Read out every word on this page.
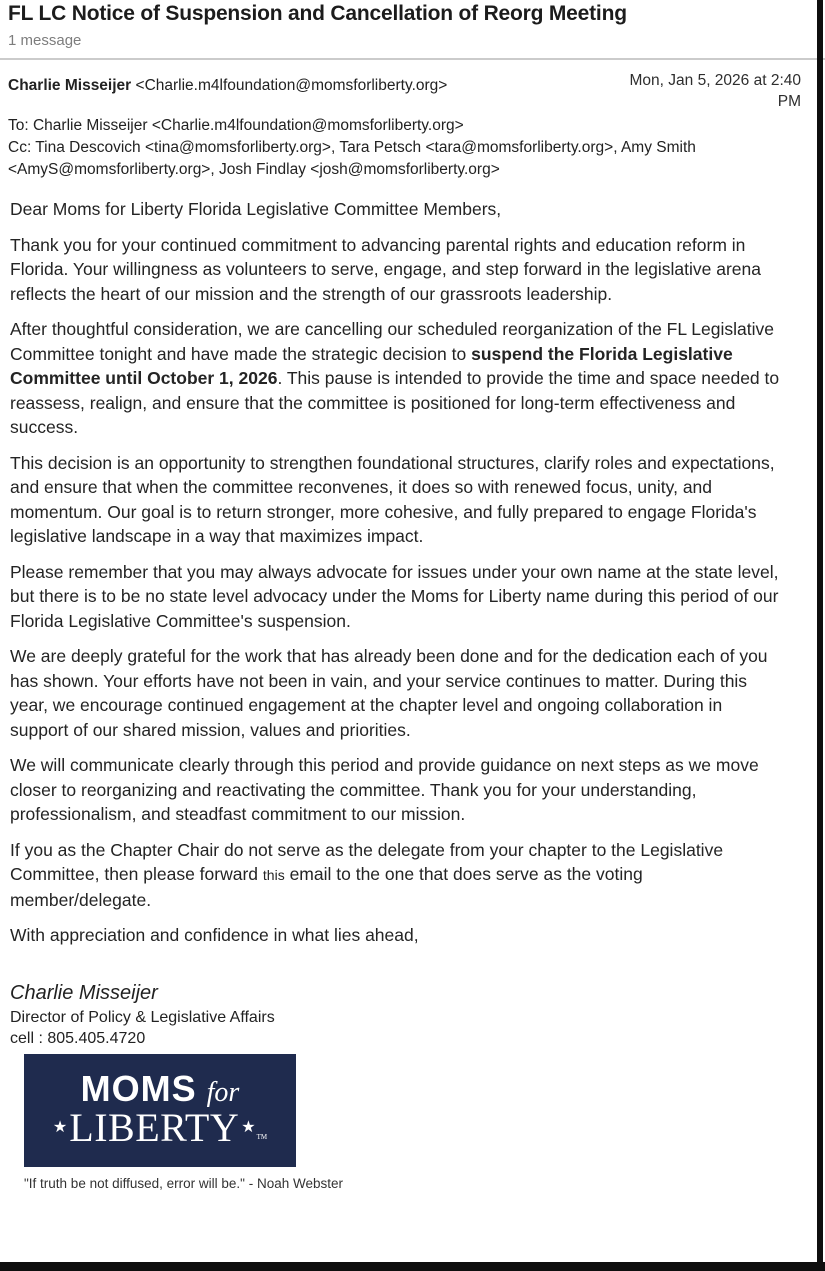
FL LC Notice of Suspension and Cancellation of Reorg Meeting
1 message
Charlie Misseijer <Charlie.m4lfoundation@momsforliberty.org>	Mon, Jan 5, 2026 at 2:40 PM
To: Charlie Misseijer <Charlie.m4lfoundation@momsforliberty.org>
Cc: Tina Descovich <tina@momsforliberty.org>, Tara Petsch <tara@momsforliberty.org>, Amy Smith <AmyS@momsforliberty.org>, Josh Findlay <josh@momsforliberty.org>

Dear Moms for Liberty Florida Legislative Committee Members,

Thank you for your continued commitment to advancing parental rights and education reform in Florida. Your willingness as volunteers to serve, engage, and step forward in the legislative arena reflects the heart of our mission and the strength of our grassroots leadership.

After thoughtful consideration, we are cancelling our scheduled reorganization of the FL Legislative Committee tonight and have made the strategic decision to suspend the Florida Legislative Committee until October 1, 2026. This pause is intended to provide the time and space needed to reassess, realign, and ensure that the committee is positioned for long-term effectiveness and success.

This decision is an opportunity to strengthen foundational structures, clarify roles and expectations, and ensure that when the committee reconvenes, it does so with renewed focus, unity, and momentum. Our goal is to return stronger, more cohesive, and fully prepared to engage Florida's legislative landscape in a way that maximizes impact.

Please remember that you may always advocate for issues under your own name at the state level, but there is to be no state level advocacy under the Moms for Liberty name during this period of our Florida Legislative Committee's suspension.

We are deeply grateful for the work that has already been done and for the dedication each of you has shown. Your efforts have not been in vain, and your service continues to matter. During this year, we encourage continued engagement at the chapter level and ongoing collaboration in support of our shared mission, values and priorities.

We will communicate clearly through this period and provide guidance on next steps as we move closer to reorganizing and reactivating the committee. Thank you for your understanding, professionalism, and steadfast commitment to our mission.

If you as the Chapter Chair do not serve as the delegate from your chapter to the Legislative Committee, then please forward this email to the one that does serve as the voting member/delegate.

With appreciation and confidence in what lies ahead,

Charlie Misseijer
Director of Policy & Legislative Affairs
cell : 805.405.4720
MOMS for
★ LIBERTY ★
TM
"If truth be not diffused, error will be." - Noah Webster
